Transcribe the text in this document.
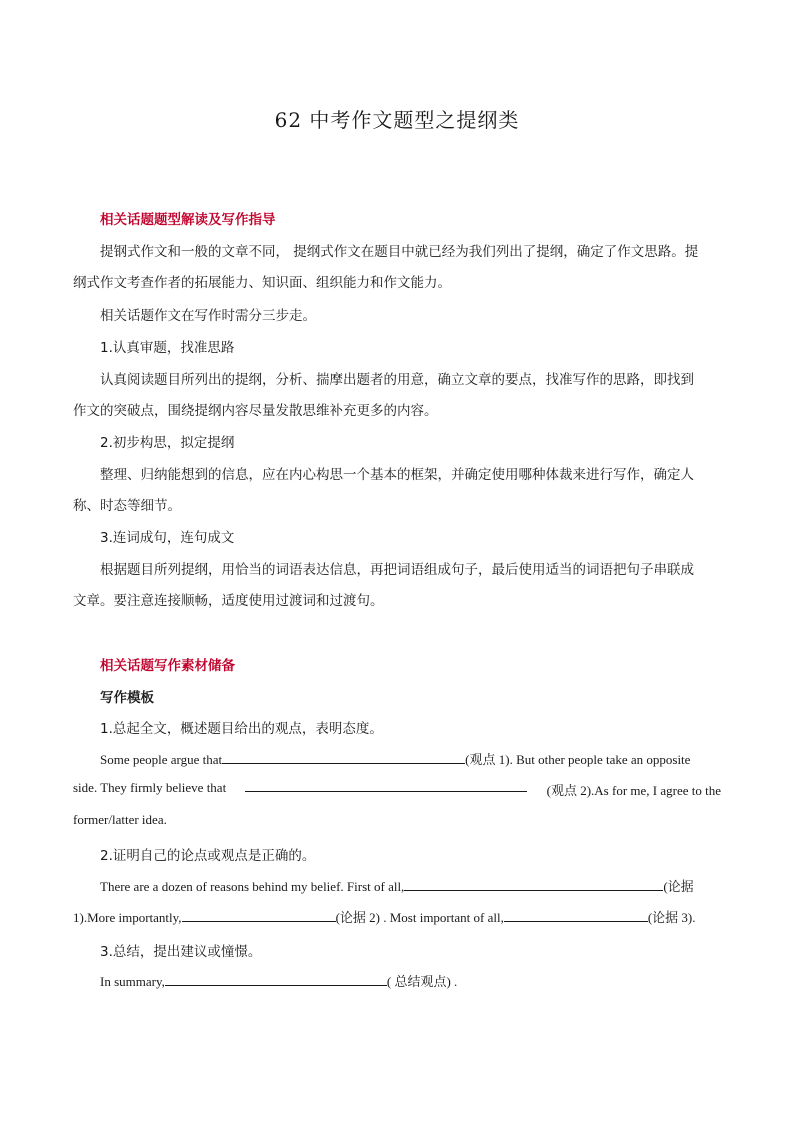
62 中考作文题型之提纲类
相关话题题型解读及写作指导
提钢式作文和一般的文章不同， 提纲式作文在题目中就已经为我们列出了提纲，确定了作文思路。提
纲式作文考查作者的拓展能力、知识面、组织能力和作文能力。
相关话题作文在写作时需分三步走。
1.认真审题，找准思路
认真阅读题目所列出的提纲，分析、揣摩出题者的用意，确立文章的要点，找准写作的思路，即找到
作文的突破点，围绕提纲内容尽量发散思维补充更多的内容。
2.初步构思，拟定提纲
整理、归纳能想到的信息，应在内心构思一个基本的框架，并确定使用哪种体裁来进行写作，确定人
称、时态等细节。
3.连词成句，连句成文
根据题目所列提纲，用恰当的词语表达信息，再把词语组成句子，最后使用适当的词语把句子串联成
文章。要注意连接顺畅，适度使用过渡词和过渡句。
相关话题写作素材储备
写作模板
1.总起全文，概述题目给出的观点，表明态度。
Some people argue that	(观点 1). But other people take an opposite
side. They firmly believe that	(观点 2).As for me, I agree to the
former/latter idea.
2.证明自己的论点或观点是正确的。
There are a dozen of reasons behind my belief. First of all,	(论据
1).More importantly,	(论据 2) . Most important of all,	(论据 3).
3.总结，提出建议或憧憬。
In summary,	( 总结观点) .
